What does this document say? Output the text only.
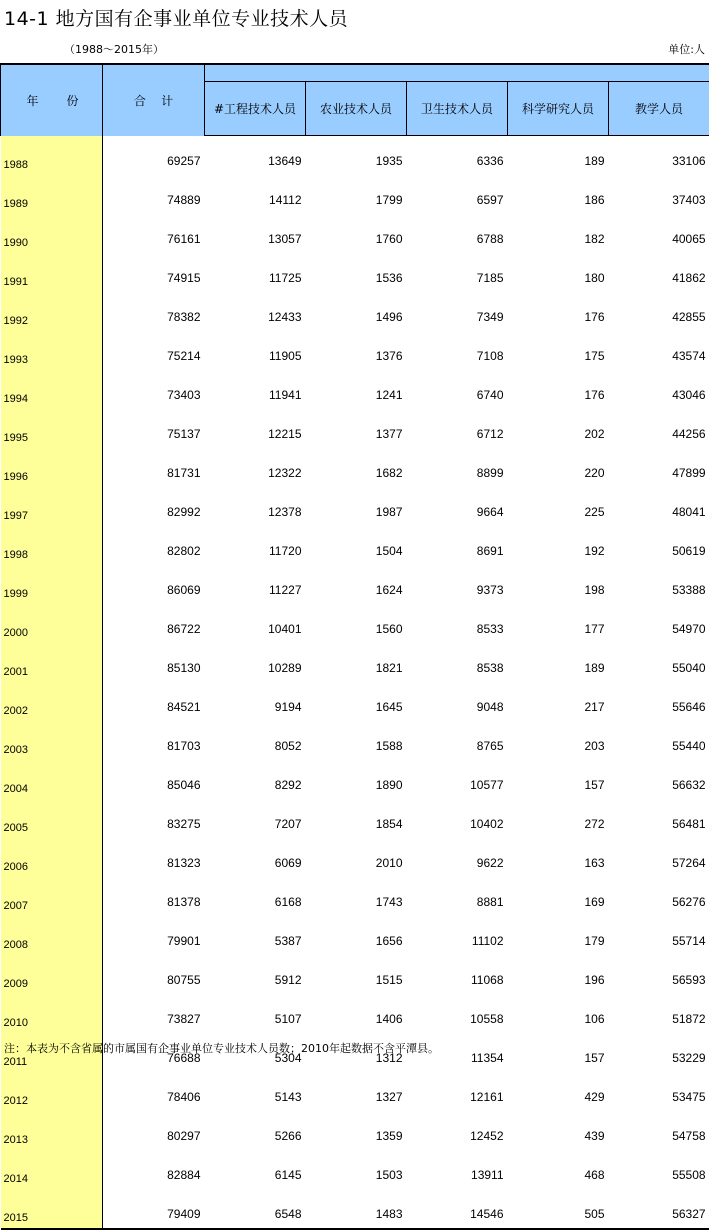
14-1 地方国有企事业单位专业技术人员
（1988～2015年）	单位:人
年 份	合 计					
		#工程技术人员	农业技术人员	卫生技术人员	科学研究人员	教学人员
1988	69257	13649	1935	6336	189	33106
1989	74889	14112	1799	6597	186	37403
1990	76161	13057	1760	6788	182	40065
1991	74915	11725	1536	7185	180	41862
1992	78382	12433	1496	7349	176	42855
1993	75214	11905	1376	7108	175	43574
1994	73403	11941	1241	6740	176	43046
1995	75137	12215	1377	6712	202	44256
1996	81731	12322	1682	8899	220	47899
1997	82992	12378	1987	9664	225	48041
1998	82802	11720	1504	8691	192	50619
1999	86069	11227	1624	9373	198	53388
2000	86722	10401	1560	8533	177	54970
2001	85130	10289	1821	8538	189	55040
2002	84521	9194	1645	9048	217	55646
2003	81703	8052	1588	8765	203	55440
2004	85046	8292	1890	10577	157	56632
2005	83275	7207	1854	10402	272	56481
2006	81323	6069	2010	9622	163	57264
2007	81378	6168	1743	8881	169	56276
2008	79901	5387	1656	11102	179	55714
2009	80755	5912	1515	11068	196	56593
2010	73827	5107	1406	10558	106	51872
2011	76688	5304	1312	11354	157	53229
2012	78406	5143	1327	12161	429	53475
2013	80297	5266	1359	12452	439	54758
2014	82884	6145	1503	13911	468	55508
2015	79409	6548	1483	14546	505	56327
注：本表为不含省属的市属国有企事业单位专业技术人员数；2010年起数据不含平潭县。
